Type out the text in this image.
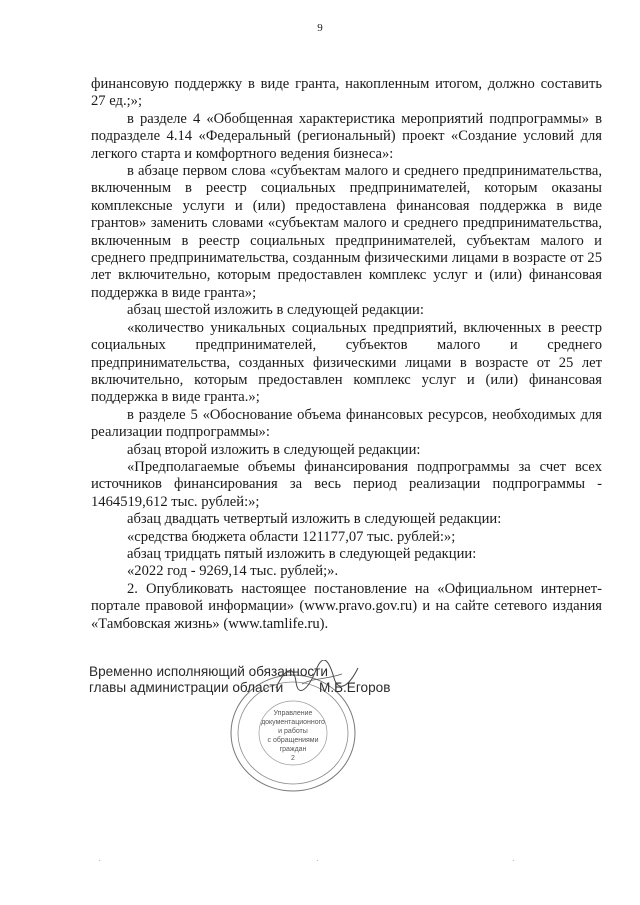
9

финансовую поддержку в виде гранта, накопленным итогом, должно составить 27 ед.;»;

в разделе 4 «Обобщенная характеристика мероприятий подпрограммы» в подразделе 4.14 «Федеральный (региональный) проект «Создание условий для легкого старта и комфортного ведения бизнеса»:

в абзаце первом слова «субъектам малого и среднего предпринимательства, включенным в реестр социальных предпринимателей, которым оказаны комплексные услуги и (или) предоставлена финансовая поддержка в виде грантов» заменить словами «субъектам малого и среднего предпринимательства, включенным в реестр социальных предпринимателей, субъектам малого и среднего предпринимательства, созданным физическими лицами в возрасте от 25 лет включительно, которым предоставлен комплекс услуг и (или) финансовая поддержка в виде гранта»;

абзац шестой изложить в следующей редакции:

«количество уникальных социальных предприятий, включенных в реестр социальных предпринимателей, субъектов малого и среднего предпринимательства, созданных физическими лицами в возрасте от 25 лет включительно, которым предоставлен комплекс услуг и (или) финансовая поддержка в виде гранта.»;

в разделе 5 «Обоснование объема финансовых ресурсов, необходимых для реализации подпрограммы»:

абзац второй изложить в следующей редакции:

«Предполагаемые объемы финансирования подпрограммы за счет всех источников финансирования за весь период реализации подпрограммы - 1464519,612 тыс. рублей:»;

абзац двадцать четвертый изложить в следующей редакции:

«средства бюджета области 121177,07 тыс. рублей:»;

абзац тридцать пятый изложить в следующей редакции:

«2022 год - 9269,14 тыс. рублей;».

2. Опубликовать настоящее постановление на «Официальном интернет-портале правовой информации» (www.pravo.gov.ru) и на сайте сетевого издания «Тамбовская жизнь» (www.tamlife.ru).

Управление
документационного
и работы
с обращениями
граждан
2
Временно исполняющий обязанности
главы администрации области	М.Б.Егоров
·	·	·
